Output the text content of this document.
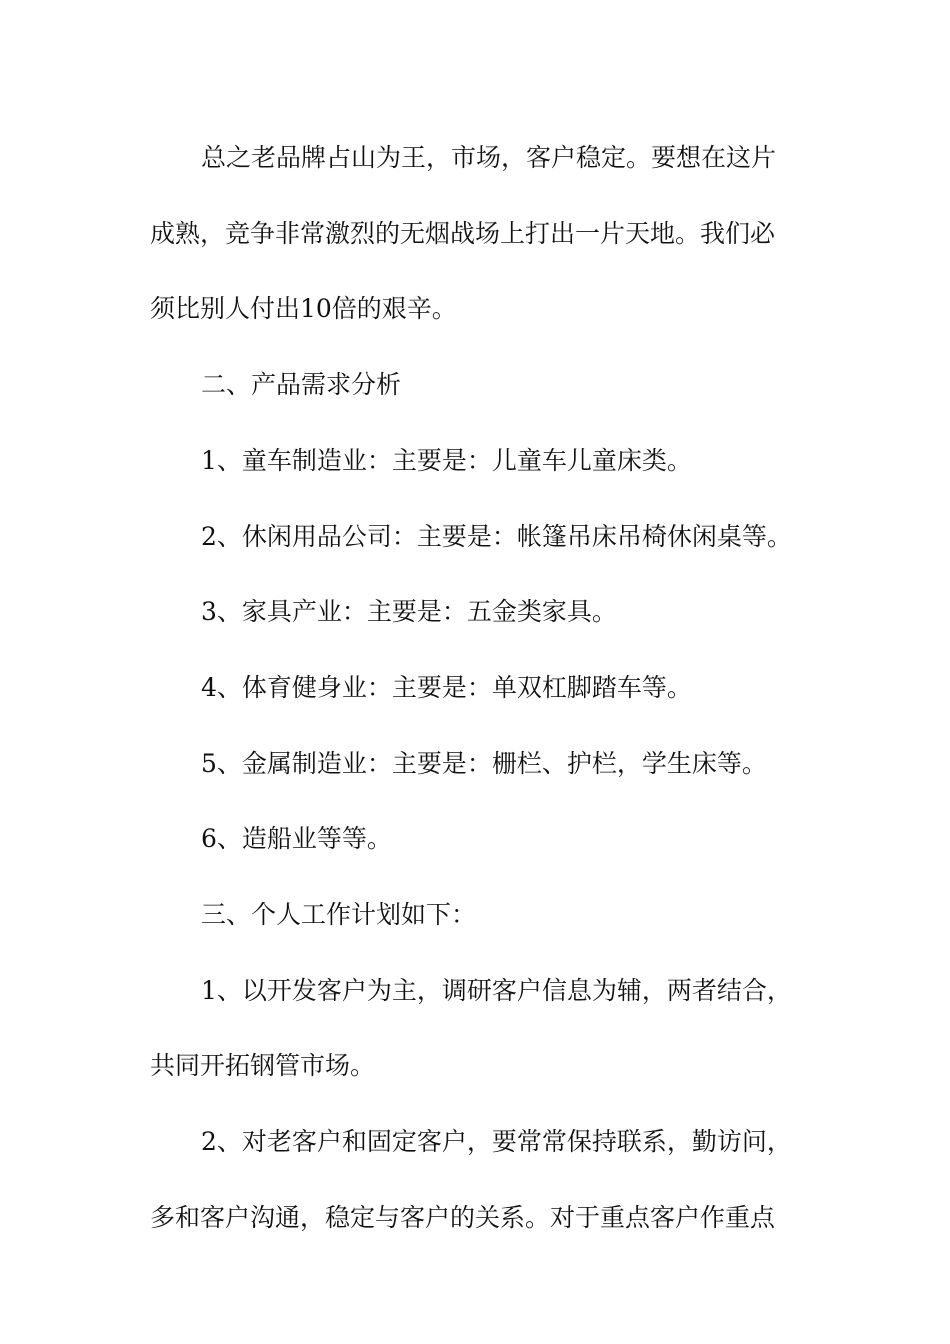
总之老品牌占山为王，市场，客户稳定。要想在这片
成熟，竞争非常激烈的无烟战场上打出一片天地。我们必
须比别人付出10倍的艰辛。

二、产品需求分析

1、童车制造业：主要是：儿童车儿童床类。

2、休闲用品公司：主要是：帐篷吊床吊椅休闲桌等。

3、家具产业：主要是：五金类家具。

4、体育健身业：主要是：单双杠脚踏车等。

5、金属制造业：主要是：栅栏、护栏，学生床等。

6、造船业等等。

三、个人工作计划如下：

1、以开发客户为主，调研客户信息为辅，两者结合，
共同开拓钢管市场。

2、对老客户和固定客户，要常常保持联系，勤访问，
多和客户沟通，稳定与客户的关系。对于重点客户作重点
